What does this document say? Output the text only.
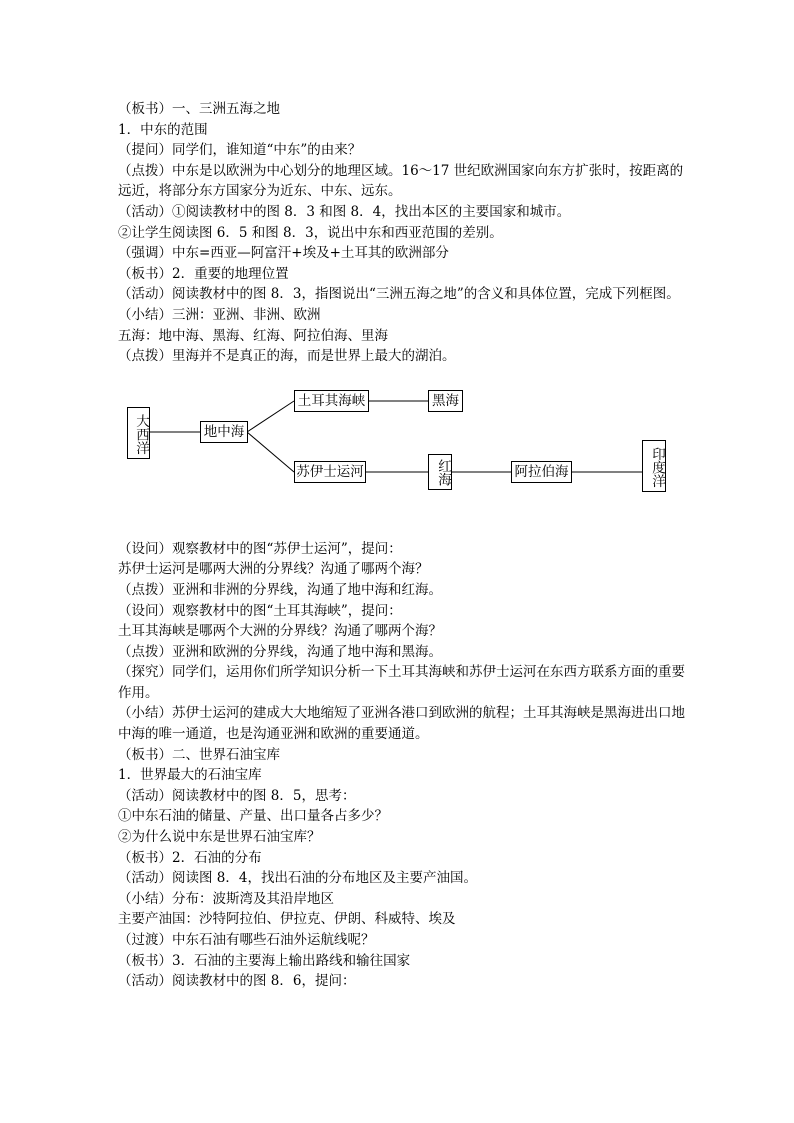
（板书）一、三洲五海之地
1．中东的范围
（提问）同学们，谁知道“中东”的由来？
（点拨）中东是以欧洲为中心划分的地理区域。16～17 世纪欧洲国家向东方扩张时，按距离的远近，将部分东方国家分为近东、中东、远东。
（活动）①阅读教材中的图 8．3 和图 8．4，找出本区的主要国家和城市。
②让学生阅读图 6．5 和图 8．3，说出中东和西亚范围的差别。
（强调）中东=西亚—阿富汗+埃及+土耳其的欧洲部分
（板书）2．重要的地理位置
（活动）阅读教材中的图 8．3，指图说出“三洲五海之地”的含义和具体位置，完成下列框图。
（小结）三洲：亚洲、非洲、欧洲
五海：地中海、黑海、红海、阿拉伯海、里海
（点拨）里海并不是真正的海，而是世界上最大的湖泊。
大西洋	地中海
土耳其海峡	黑海
苏伊士运河	红海	阿拉伯海	印度洋
（设问）观察教材中的图“苏伊士运河”，提问：
苏伊士运河是哪两大洲的分界线？沟通了哪两个海？
（点拨）亚洲和非洲的分界线，沟通了地中海和红海。
（设问）观察教材中的图“土耳其海峡”，提问：
土耳其海峡是哪两个大洲的分界线？沟通了哪两个海？
（点拨）亚洲和欧洲的分界线，沟通了地中海和黑海。
（探究）同学们，运用你们所学知识分析一下土耳其海峡和苏伊士运河在东西方联系方面的重要作用。
（小结）苏伊士运河的建成大大地缩短了亚洲各港口到欧洲的航程；土耳其海峡是黑海进出口地中海的唯一通道，也是沟通亚洲和欧洲的重要通道。
（板书）二、世界石油宝库
1．世界最大的石油宝库
（活动）阅读教材中的图 8．5，思考：
①中东石油的储量、产量、出口量各占多少？
②为什么说中东是世界石油宝库？
（板书）2．石油的分布
（活动）阅读图 8．4，找出石油的分布地区及主要产油国。
（小结）分布：波斯湾及其沿岸地区
主要产油国：沙特阿拉伯、伊拉克、伊朗、科威特、埃及
（过渡）中东石油有哪些石油外运航线呢？
（板书）3．石油的主要海上输出路线和输往国家
（活动）阅读教材中的图 8．6，提问：
